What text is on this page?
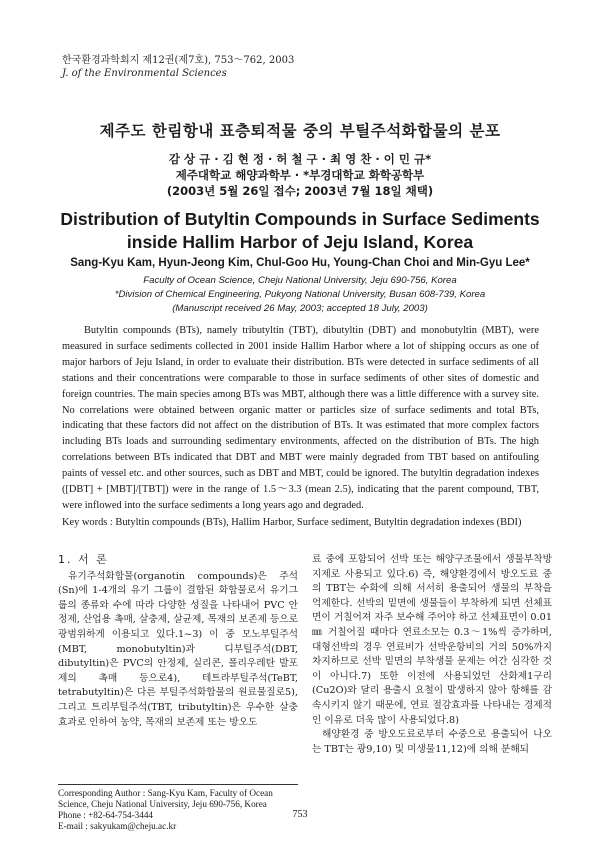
한국환경과학회지 제12권(제7호), 753～762, 2003
J. of the Environmental Sciences
제주도 한림항내 표층퇴적물 중의 부틸주석화합물의 분포
감 상 규 · 김 현 정 · 허 철 구 · 최 영 찬 · 이 민 규*
제주대학교 해양과학부 · *부경대학교 화학공학부
(2003년 5월 26일 접수; 2003년 7월 18일 채택)
Distribution of Butyltin Compounds in Surface Sediments
inside Hallim Harbor of Jeju Island, Korea
Sang-Kyu Kam, Hyun-Jeong Kim, Chul-Goo Hu, Young-Chan Choi and Min-Gyu Lee*
Faculty of Ocean Science, Cheju National University, Jeju 690-756, Korea
*Division of Chemical Engineering, Pukyong National University, Busan 608-739, Korea
(Manuscript received 26 May, 2003; accepted 18 July, 2003)
Butyltin compounds (BTs), namely tributyltin (TBT), dibutyltin (DBT) and monobutyltin (MBT), were measured in surface sediments collected in 2001 inside Hallim Harbor where a lot of shipping occurs as one of major harbors of Jeju Island, in order to evaluate their distribution. BTs were detected in surface sediments of all stations and their concentrations were comparable to those in surface sediments of other sites of domestic and foreign countries. The main species among BTs was MBT, although there was a little difference with a survey site. No correlations were obtained between organic matter or particles size of surface sediments and total BTs, indicating that these factors did not affect on the distribution of BTs. It was estimated that more complex factors including BTs loads and surrounding sedimentary environments, affected on the distribution of BTs. The high correlations between BTs indicated that DBT and MBT were mainly degraded from TBT based on antifouling paints of vessel etc. and other sources, such as DBT and MBT, could be ignored. The butyltin degradation indexes ([DBT] + [MBT]/[TBT]) were in the range of 1.5～3.3 (mean 2.5), indicating that the parent compound, TBT, were inflowed into the surface sediments a long years ago and degraded.
Key words : Butyltin compounds (BTs), Hallim Harbor, Surface sediment, Butyltin degradation indexes (BDI)
1. 서 론

유기주석화합물(organotin compounds)은 주석(Sn)에 1-4개의 유기 그룹이 결합된 화합물로서 유기그룹의 종류와 수에 따라 다양한 성질을 나타내어 PVC 안정제, 산업용 촉매, 살충제, 살균제, 목재의 보존제 등으로 광범위하게 이용되고 있다.1~3) 이 중 모노부틸주석(MBT, monobutyltin)과 디부틸주석(DBT, dibutyltin)은 PVC의 안정제, 실리콘, 폴리우레탄 발포제의 촉매 등으로4), 테트라부틸주석(TeBT, tetrabutyltin)은 다른 부틸주석화합물의 원료물질로5), 그리고 트리부틸주석(TBT, tributyltin)은 우수한 살충효과로 인하여 농약, 목재의 보존제 또는 방오도

료 중에 포함되어 선박 또는 해양구조물에서 생물부착방지제로 사용되고 있다.6) 즉, 해양환경에서 방오도료 중의 TBT는 수화에 의해 서서히 용출되어 생물의 부착을 억제한다. 선박의 밑면에 생물들이 부착하게 되면 선체표면이 거칠어져 자주 보수해 주어야 하고 선체표면이 0.01 ㎜ 거칠어질 때마다 연료소모는 0.3～1%씩 증가하며, 대형선박의 경우 연료비가 선박운항비의 거의 50%까지 차지하므로 선박 밑면의 부착생물 문제는 여간 심각한 것이 아니다.7) 또한 이전에 사용되었던 산화제1구리(Cu2O)와 달리 용출시 요철이 발생하지 않아 항해를 감속시키지 않기 때문에, 연료 절감효과를 나타내는 경제적인 이유로 더욱 많이 사용되었다.8)

해양환경 중 방오도료로부터 수중으로 용출되어 나오는 TBT는 광9,10) 및 미생물11,12)에 의해 분해되

Corresponding Author : Sang-Kyu Kam, Faculty of Ocean Science, Cheju National University, Jeju 690-756, Korea
Phone : +82-64-754-3444
E-mail : sakyukam@cheju.ac.kr
753
